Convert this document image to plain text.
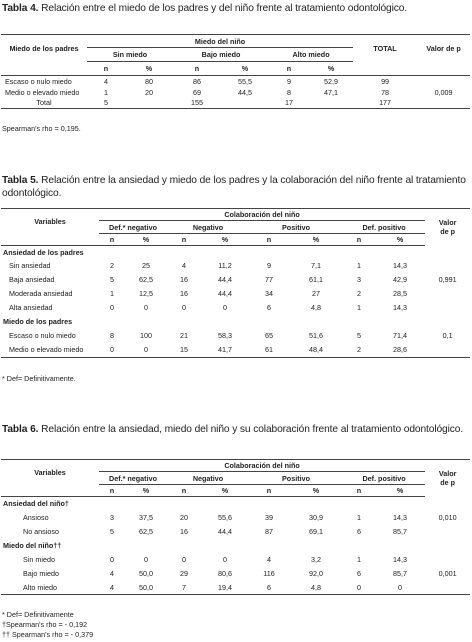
Tabla 4. Relación entre el miedo de los padres y del niño frente al tratamiento odontológico.
Miedo de los padres	Miedo del niño						TOTAL	Valor de p
	Sin miedo		Bajo miedo		Alto miedo			
	n	%	n	%	n	%		
Escaso o nulo miedo	4	80	86	55,5	9	52,9	99	
Medio o elevado miedo	1	20	69	44,5	8	47,1	78	0,009
Total	5		155		17		177	
Spearman's rho = 0,195.
Tabla 5. Relación entre la ansiedad y miedo de los padres y la colaboración del niño frente al tratamiento odontológico.
Variables	Colaboración del niño								Valor
de p
	Def.* negativo		Negativo		Positivo		Def. positivo		
	n	%	n	%	n	%	n	%	
Ansiedad de los padres									
Sin ansiedad	2	25	4	11,2	9	7,1	1	14,3	
Baja ansiedad	5	62,5	16	44,4	77	61,1	3	42,9	0,991
Moderada ansiedad	1	12,5	16	44,4	34	27	2	28,5	
Alta ansiedad	0	0	0	0	6	4,8	1	14,3	
Miedo de los padres									
Escaso o nulo miedo	8	100	21	58,3	65	51,6	5	71,4	0,1
Medio o elevado miedo	0	0	15	41,7	61	48,4	2	28,6	
* Def= Definitivamente.
Tabla 6. Relación entre la ansiedad, miedo del niño y su colaboración frente al tratamiento odontológico.
Variables	Colaboración del niño								Valor
de p
	Def.* negativo		Negativo		Positivo		Def. positivo		
	n	%	n	%	n	%	n	%	
Ansiedad del niño†									
Ansioso	3	37,5	20	55,6	39	30,9	1	14,3	0,010
No ansioso	5	62,5	16	44,4	87	69,1	6	85,7	
Miedo del niño††									
Sin miedo	0	0	0	0	4	3,2	1	14,3	
Bajo miedo	4	50,0	29	80,6	116	92,0	6	85,7	0,001
Alto miedo	4	50,0	7	19,4	6	4,8	0	0	
* Def= Definitivamente
†Spearman's rho = - 0,192
†† Spearman's rho = - 0,379
